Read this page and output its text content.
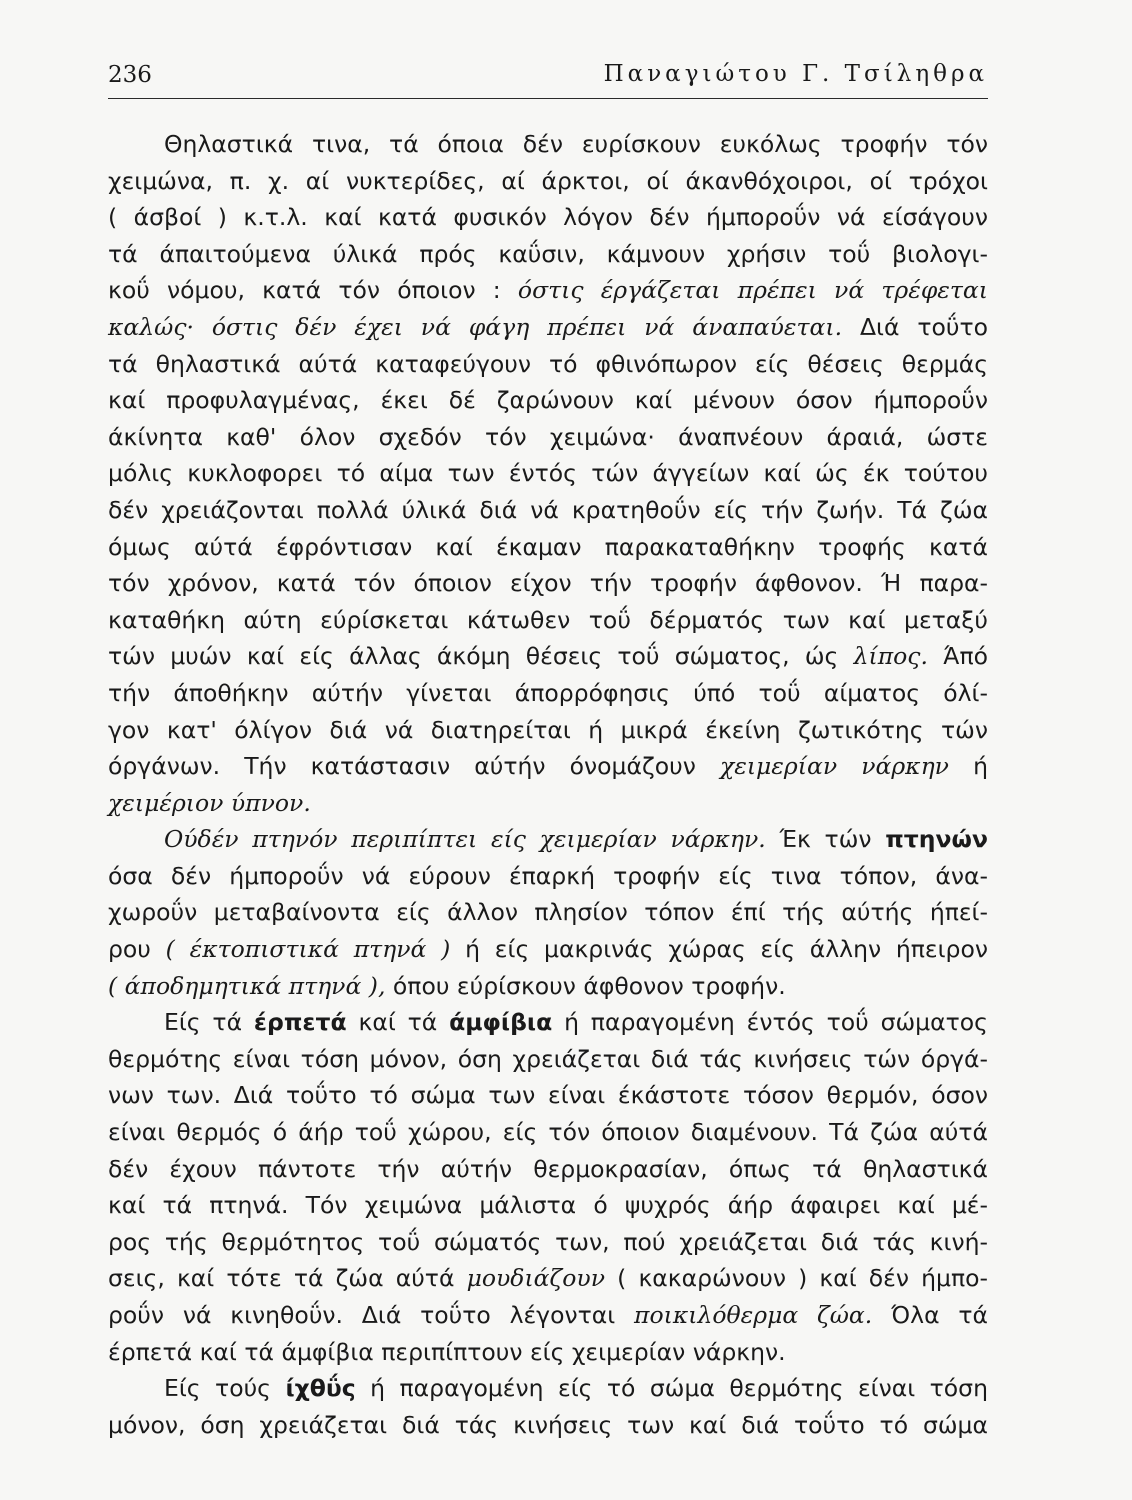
236	Παναγιώτου Γ. Τσίληθρα
Θηλαστικά τινα, τά όποια δέν ευρίσκουν ευκόλως τροφήν τόν
χειμώνα, π. χ. αί νυκτερίδες, αί άρκτοι, οί άκανθόχοιροι, οί τρόχοι
( άσβοί ) κ.τ.λ. καί κατά φυσικόν λόγον δέν ήμποροΰν νά είσάγουν
τά άπαιτούμενα ύλικά πρός καΰσιν, κάμνουν χρήσιν τοΰ βιολογι-
κοΰ νόμου, κατά τόν όποιον : όστις έργάζεται πρέπει νά τρέφεται
καλώς· όστις δέν έχει νά φάγη πρέπει νά άναπαύεται. Διά τοΰτο
τά θηλαστικά αύτά καταφεύγουν τό φθινόπωρον είς θέσεις θερμάς
καί προφυλαγμένας, έκει δέ ζαρώνουν καί μένουν όσον ήμποροΰν
άκίνητα καθ' όλον σχεδόν τόν χειμώνα· άναπνέουν άραιά, ώστε
μόλις κυκλοφορει τό αίμα των έντός τών άγγείων καί ώς έκ τούτου
δέν χρειάζονται πολλά ύλικά διά νά κρατηθοΰν είς τήν ζωήν. Τά ζώα
όμως αύτά έφρόντισαν καί έκαμαν παρακαταθήκην τροφής κατά
τόν χρόνον, κατά τόν όποιον είχον τήν τροφήν άφθονον. Ή παρα-
καταθήκη αύτη εύρίσκεται κάτωθεν τοΰ δέρματός των καί μεταξύ
τών μυών καί είς άλλας άκόμη θέσεις τοΰ σώματος, ώς λίπος. Άπό
τήν άποθήκην αύτήν γίνεται άπορρόφησις ύπό τοΰ αίματος όλί-
γον κατ' όλίγον διά νά διατηρείται ή μικρά έκείνη ζωτικότης τών
όργάνων. Τήν κατάστασιν αύτήν όνομάζουν χειμερίαν νάρκην ή
χειμέριον ύπνον.
Ούδέν πτηνόν περιπίπτει είς χειμερίαν νάρκην. Έκ τών πτηνών
όσα δέν ήμποροΰν νά εύρουν έπαρκή τροφήν είς τινα τόπον, άνα-
χωροΰν μεταβαίνοντα είς άλλον πλησίον τόπον έπί τής αύτής ήπεί-
ρου ( έκτοπιστικά πτηνά ) ή είς μακρινάς χώρας είς άλλην ήπειρον
( άποδημητικά πτηνά ), όπου εύρίσκουν άφθονον τροφήν.
Είς τά έρπετά καί τά άμφίβια ή παραγομένη έντός τοΰ σώματος
θερμότης είναι τόση μόνον, όση χρειάζεται διά τάς κινήσεις τών όργά-
νων των. Διά τοΰτο τό σώμα των είναι έκάστοτε τόσον θερμόν, όσον
είναι θερμός ό άήρ τοΰ χώρου, είς τόν όποιον διαμένουν. Τά ζώα αύτά
δέν έχουν πάντοτε τήν αύτήν θερμοκρασίαν, όπως τά θηλαστικά
καί τά πτηνά. Τόν χειμώνα μάλιστα ό ψυχρός άήρ άφαιρει καί μέ-
ρος τής θερμότητος τοΰ σώματός των, πού χρειάζεται διά τάς κινή-
σεις, καί τότε τά ζώα αύτά μουδιάζουν ( κακαρώνουν ) καί δέν ήμπο-
ροΰν νά κινηθοΰν. Διά τοΰτο λέγονται ποικιλόθερμα ζώα. Όλα τά
έρπετά καί τά άμφίβια περιπίπτουν είς χειμερίαν νάρκην.
Είς τούς ίχθΰς ή παραγομένη είς τό σώμα θερμότης είναι τόση
μόνον, όση χρειάζεται διά τάς κινήσεις των καί διά τοΰτο τό σώμα
